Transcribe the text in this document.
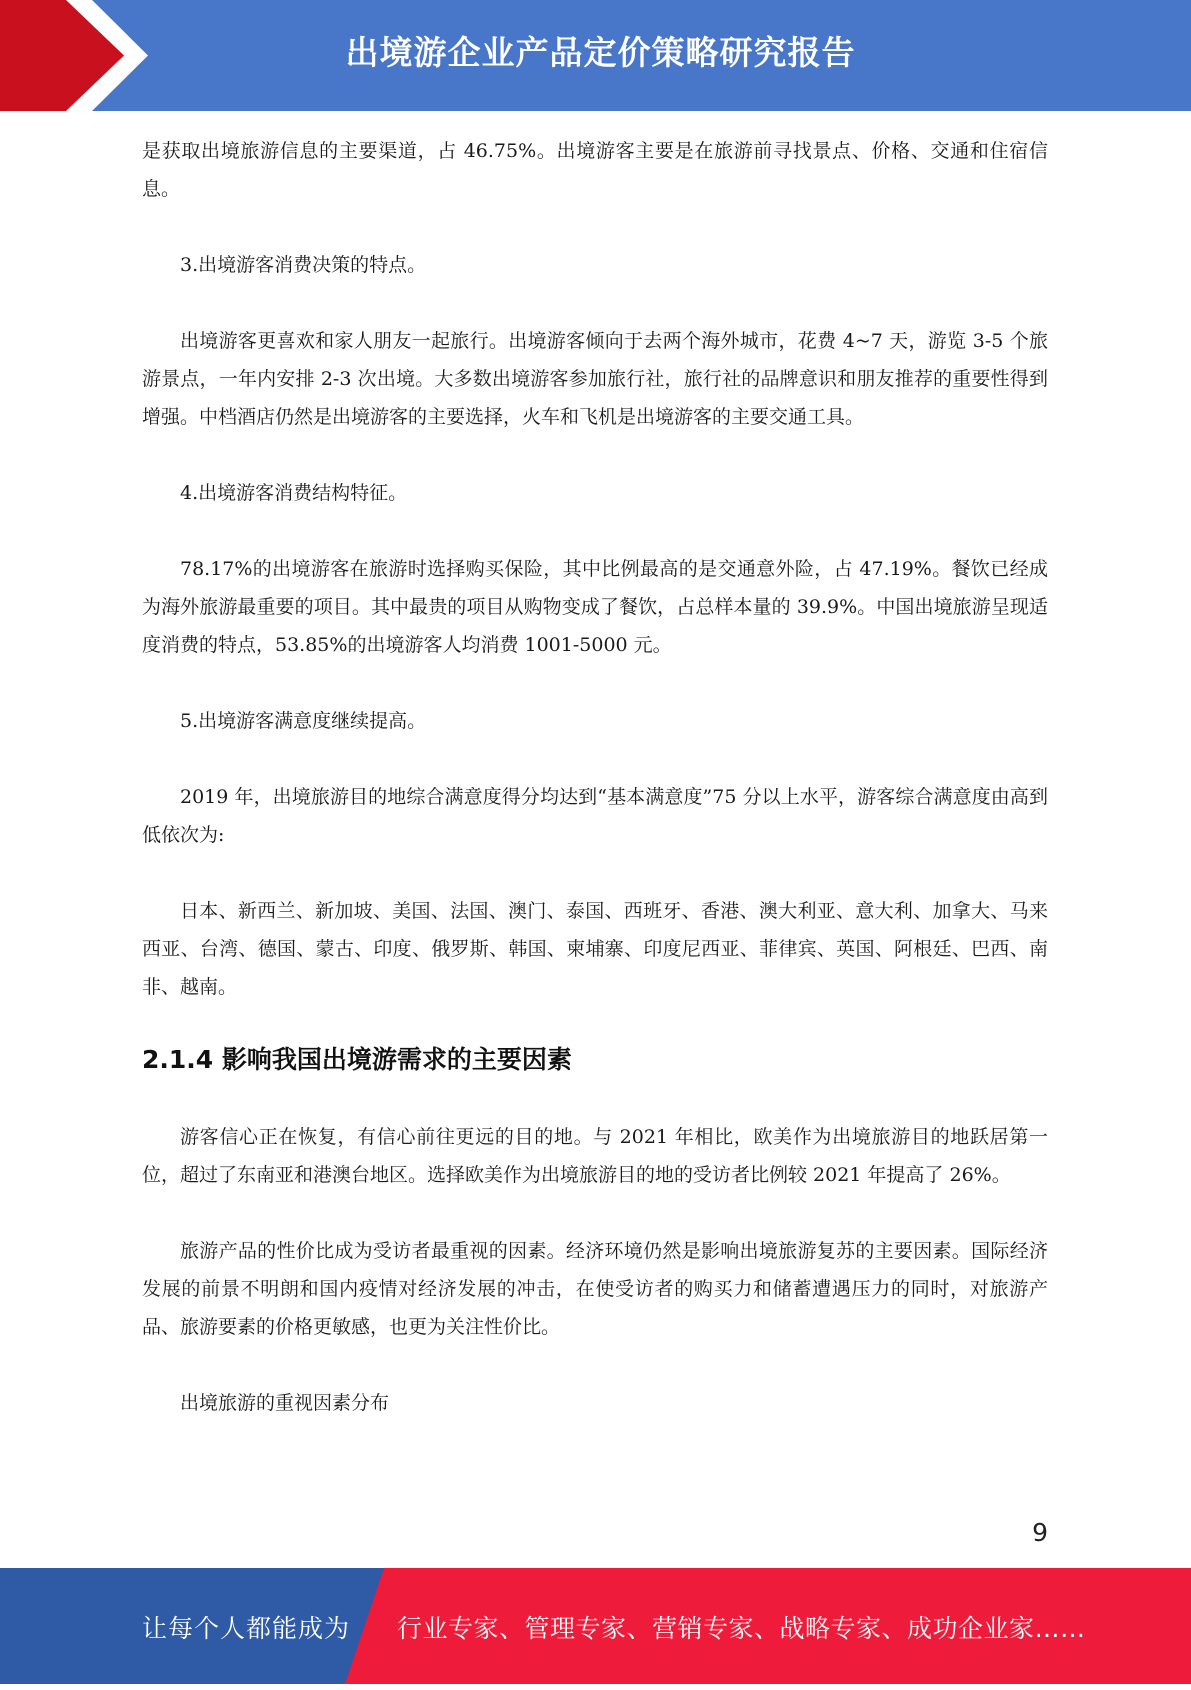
出境游企业产品定价策略研究报告

是获取出境旅游信息的主要渠道，占 46.75%。出境游客主要是在旅游前寻找景点、价格、交通和住宿信息。

3.出境游客消费决策的特点。

出境游客更喜欢和家人朋友一起旅行。出境游客倾向于去两个海外城市，花费 4~7 天，游览 3-5 个旅游景点，一年内安排 2-3 次出境。大多数出境游客参加旅行社，旅行社的品牌意识和朋友推荐的重要性得到增强。中档酒店仍然是出境游客的主要选择，火车和飞机是出境游客的主要交通工具。

4.出境游客消费结构特征。

78.17%的出境游客在旅游时选择购买保险，其中比例最高的是交通意外险，占 47.19%。餐饮已经成为海外旅游最重要的项目。其中最贵的项目从购物变成了餐饮，占总样本量的 39.9%。中国出境旅游呈现适度消费的特点，53.85%的出境游客人均消费 1001-5000 元。

5.出境游客满意度继续提高。

2019 年，出境旅游目的地综合满意度得分均达到“基本满意度”75 分以上水平，游客综合满意度由高到低依次为:

日本、新西兰、新加坡、美国、法国、澳门、泰国、西班牙、香港、澳大利亚、意大利、加拿大、马来西亚、台湾、德国、蒙古、印度、俄罗斯、韩国、柬埔寨、印度尼西亚、菲律宾、英国、阿根廷、巴西、南非、越南。

2.1.4 影响我国出境游需求的主要因素

游客信心正在恢复，有信心前往更远的目的地。与 2021 年相比，欧美作为出境旅游目的地跃居第一位，超过了东南亚和港澳台地区。选择欧美作为出境旅游目的地的受访者比例较 2021 年提高了 26%。

旅游产品的性价比成为受访者最重视的因素。经济环境仍然是影响出境旅游复苏的主要因素。国际经济发展的前景不明朗和国内疫情对经济发展的冲击，在使受访者的购买力和储蓄遭遇压力的同时，对旅游产品、旅游要素的价格更敏感，也更为关注性价比。

出境旅游的重视因素分布

9
让每个人都能成为 行业专家、管理专家、营销专家、战略专家、成功企业家……
